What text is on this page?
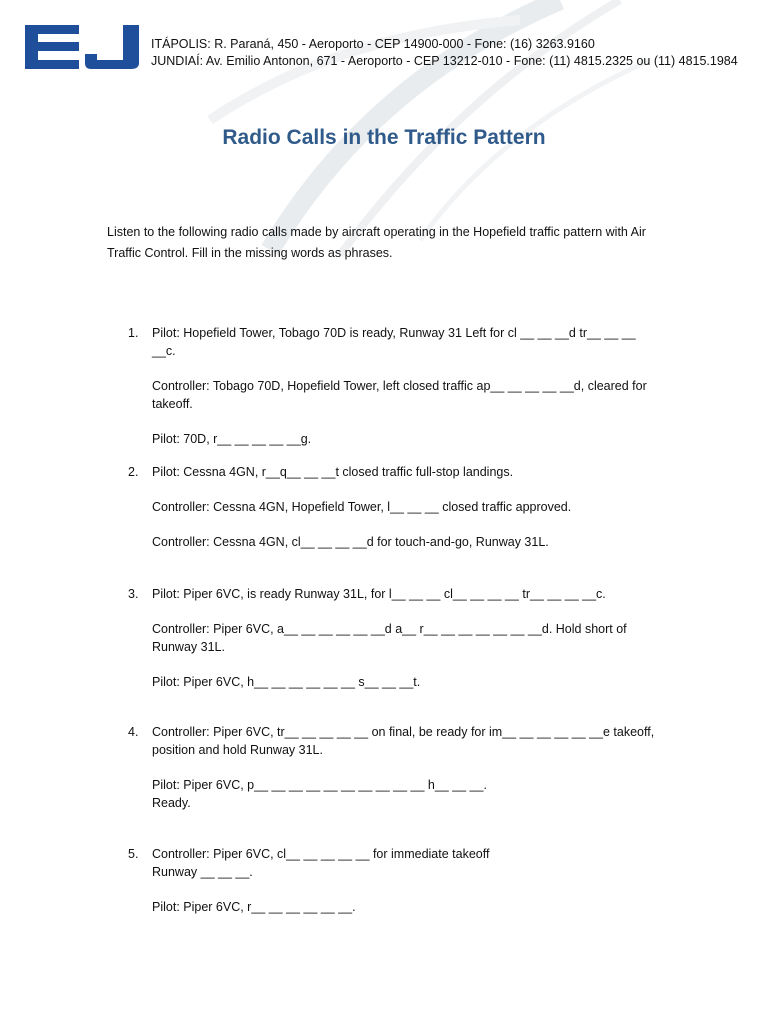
ITÁPOLIS: R. Paraná, 450 - Aeroporto - CEP 14900-000 - Fone: (16) 3263.9160
JUNDIAÍ: Av. Emilio Antonon, 671 - Aeroporto - CEP 13212-010 - Fone: (11) 4815.2325 ou (11) 4815.1984
Radio Calls in the Traffic Pattern

Listen to the following radio calls made by aircraft operating in the Hopefield traffic pattern with Air Traffic Control. Fill in the missing words as phrases.

1.	Pilot: Hopefield Tower, Tobago 70D is ready, Runway 31 Left for cl __ __ __d tr__ __ __
__c.
Controller: Tobago 70D, Hopefield Tower, left closed traffic ap__ __ __ __ __d, cleared for
takeoff.
Pilot: 70D, r__ __ __ __ __g.
2.	Pilot: Cessna 4GN, r__q__ __ __t closed traffic full-stop landings.
Controller: Cessna 4GN, Hopefield Tower, l__ __ __ closed traffic approved.
Controller: Cessna 4GN, cl__ __ __ __d for touch-and-go, Runway 31L.
3.	Pilot: Piper 6VC, is ready Runway 31L, for l__ __ __ cl__ __ __ __ tr__ __ __ __c.
Controller: Piper 6VC, a__ __ __ __ __ __d a__ r__ __ __ __ __ __ __d. Hold short of
Runway 31L.
Pilot: Piper 6VC, h__ __ __ __ __ __ s__ __ __t.
4.	Controller: Piper 6VC, tr__ __ __ __ __ on final, be ready for im__ __ __ __ __ __e takeoff,
position and hold Runway 31L.
Pilot: Piper 6VC, p__ __ __ __ __ __ __ __ __ __ h__ __ __.
Ready.
5.	Controller: Piper 6VC, cl__ __ __ __ __ for immediate takeoff
Runway __ __ __.
Pilot: Piper 6VC, r__ __ __ __ __ __.
